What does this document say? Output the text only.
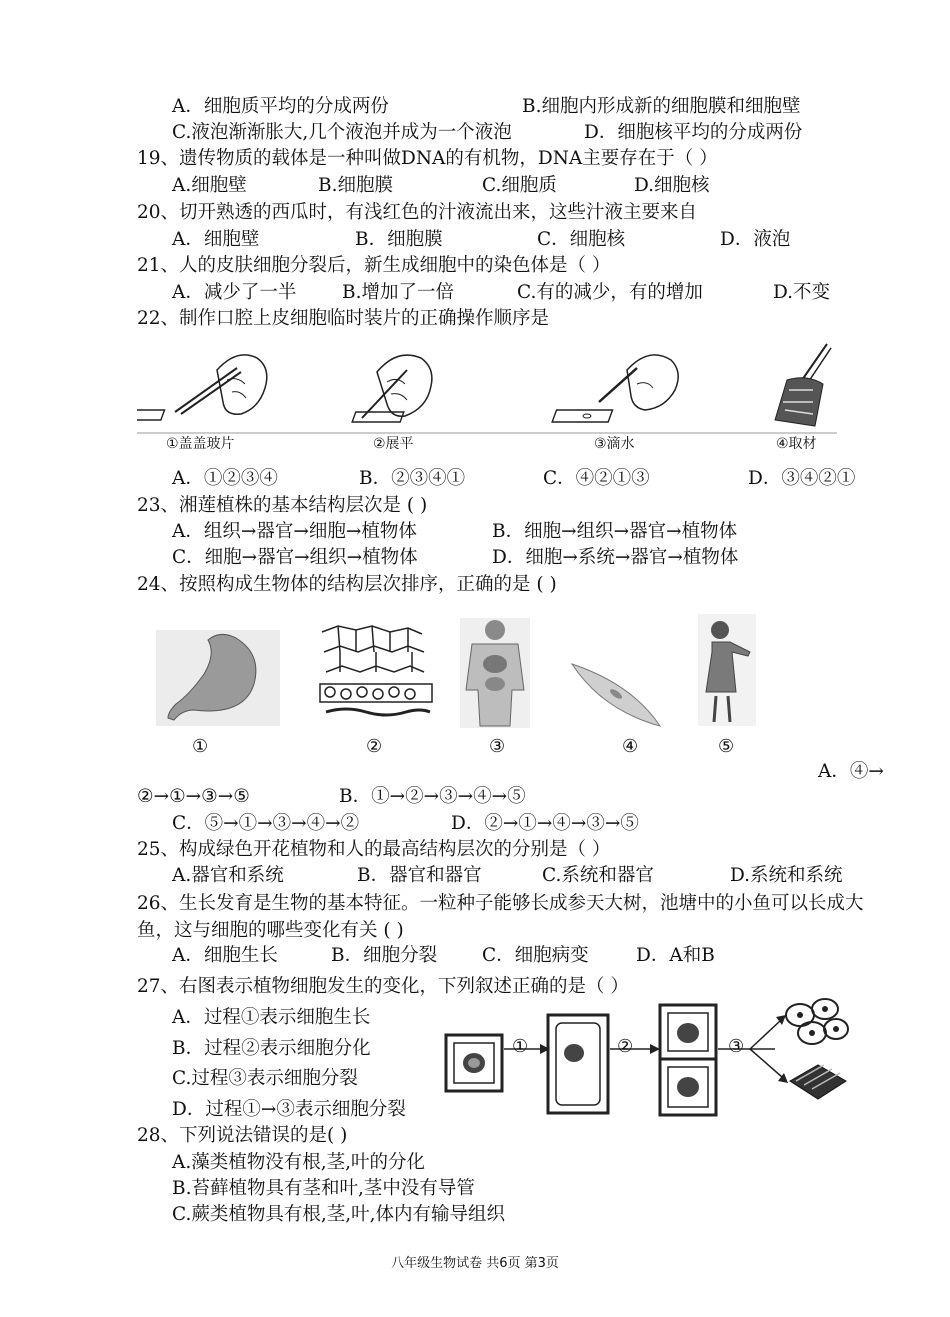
A．细胞质平均的分成两份	B.细胞内形成新的细胞膜和细胞壁
C.液泡渐渐胀大,几个液泡并成为一个液泡	D．细胞核平均的分成两份
19、遗传物质的载体是一种叫做DNA的有机物，DNA主要存在于（ ）
A.细胞壁	B.细胞膜	C.细胞质	D.细胞核
20、切开熟透的西瓜时，有浅红色的汁液流出来，这些汁液主要来自
A．细胞壁	B．细胞膜	C．细胞核	D．液泡
21、人的皮肤细胞分裂后，新生成细胞中的染色体是（ ）
A．减少了一半 B.增加了一倍	C.有的减少，有的增加	D.不变
22、制作口腔上皮细胞临时装片的正确操作顺序是
①盖盖玻片	②展平	③滴水	④取材
A．①②③④	B．②③④①	C．④②①③	D．③④②①
23、湘莲植株的基本结构层次是 ( )
A．组织→器官→细胞→植物体	B．细胞→组织→器官→植物体
C．细胞→器官→组织→植物体	D．细胞→系统→器官→植物体
24、按照构成生物体的结构层次排序，正确的是 ( )
①	②	③	④	⑤
A．④→
②→①→③→⑤	B．①→②→③→④→⑤
C．⑤→①→③→④→②	D．②→①→④→③→⑤
25、构成绿色开花植物和人的最高结构层次的分别是（ ）
A.器官和系统	B．器官和器官	C.系统和器官	D.系统和系统
26、生长发育是生物的基本特征。一粒种子能够长成参天大树，池塘中的小鱼可以长成大鱼，这与细胞的哪些变化有关 ( )
A．细胞生长	B．细胞分裂 C．细胞病变	D．A和B
27、右图表示植物细胞发生的变化，下列叙述正确的是（ ）
A．过程①表示细胞生长
B．过程②表示细胞分化
C.过程③表示细胞分裂
D．过程①→③表示细胞分裂
①	②	③
28、下列说法错误的是( )
A.藻类植物没有根,茎,叶的分化
B.苔藓植物具有茎和叶,茎中没有导管
C.蕨类植物具有根,茎,叶,体内有输导组织
八年级生物试卷 共6页 第3页
